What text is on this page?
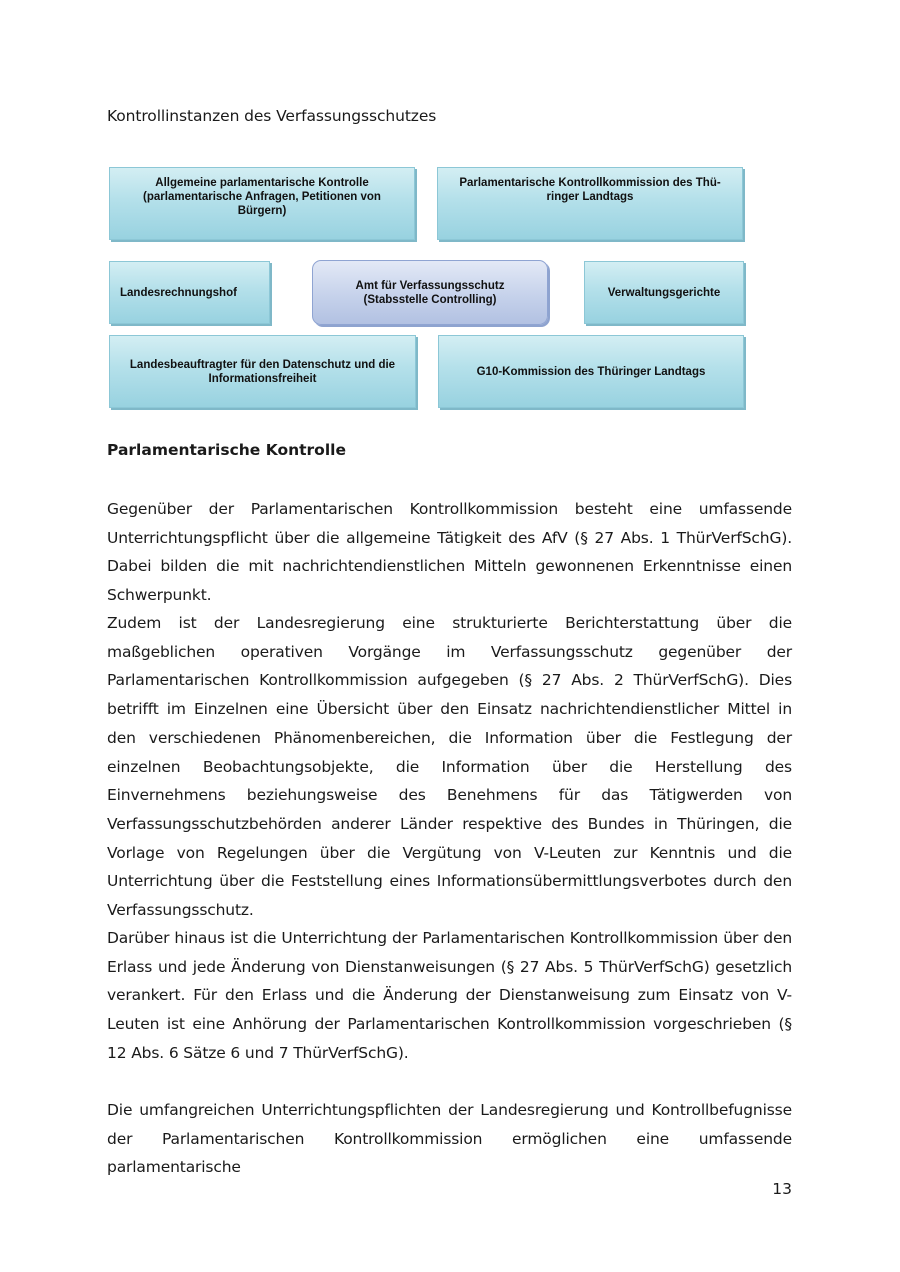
Kontrollinstanzen des Verfassungsschutzes
Allgemeine parlamentarische Kontrolle
(parlamentarische Anfragen, Petitionen von
Bürgern)
Parlamentarische Kontrollkommission des Thü-
ringer Landtags
Landesrechnungshof
Amt für Verfassungsschutz
(Stabsstelle Controlling)
Verwaltungsgerichte
Landesbeauftragter für den Datenschutz und die
Informationsfreiheit
G10-Kommission des Thüringer Landtags
Parlamentarische Kontrolle

Gegenüber der Parlamentarischen Kontrollkommission besteht eine umfassende Unterrichtungspflicht über die allgemeine Tätigkeit des AfV (§ 27 Abs. 1 ThürVerfSchG). Dabei bilden die mit nachrichtendienstlichen Mitteln gewonnenen Erkenntnisse einen Schwerpunkt.

Zudem ist der Landesregierung eine strukturierte Berichterstattung über die maßgeblichen operativen Vorgänge im Verfassungsschutz gegenüber der Parlamentarischen Kontrollkommission aufgegeben (§ 27 Abs. 2 ThürVerfSchG). Dies betrifft im Einzelnen eine Übersicht über den Einsatz nachrichtendienstlicher Mittel in den verschiedenen Phänomenbereichen, die Information über die Festlegung der einzelnen Beobachtungsobjekte, die Information über die Herstellung des Einvernehmens beziehungsweise des Benehmens für das Tätigwerden von Verfassungsschutzbehörden anderer Länder respektive des Bundes in Thüringen, die Vorlage von Regelungen über die Vergütung von V-Leuten zur Kenntnis und die Unterrichtung über die Feststellung eines Informationsübermittlungsverbotes durch den Verfassungsschutz.

Darüber hinaus ist die Unterrichtung der Parlamentarischen Kontrollkommission über den Erlass und jede Änderung von Dienstanweisungen (§ 27 Abs. 5 ThürVerfSchG) gesetzlich verankert. Für den Erlass und die Änderung der Dienstanweisung zum Einsatz von V-Leuten ist eine Anhörung der Parlamentarischen Kontrollkommission vorgeschrieben (§ 12 Abs. 6 Sätze 6 und 7 ThürVerfSchG).

Die umfangreichen Unterrichtungspflichten der Landesregierung und Kontrollbefugnisse der Parlamentarischen Kontrollkommission ermöglichen eine umfassende parlamentarische

13
